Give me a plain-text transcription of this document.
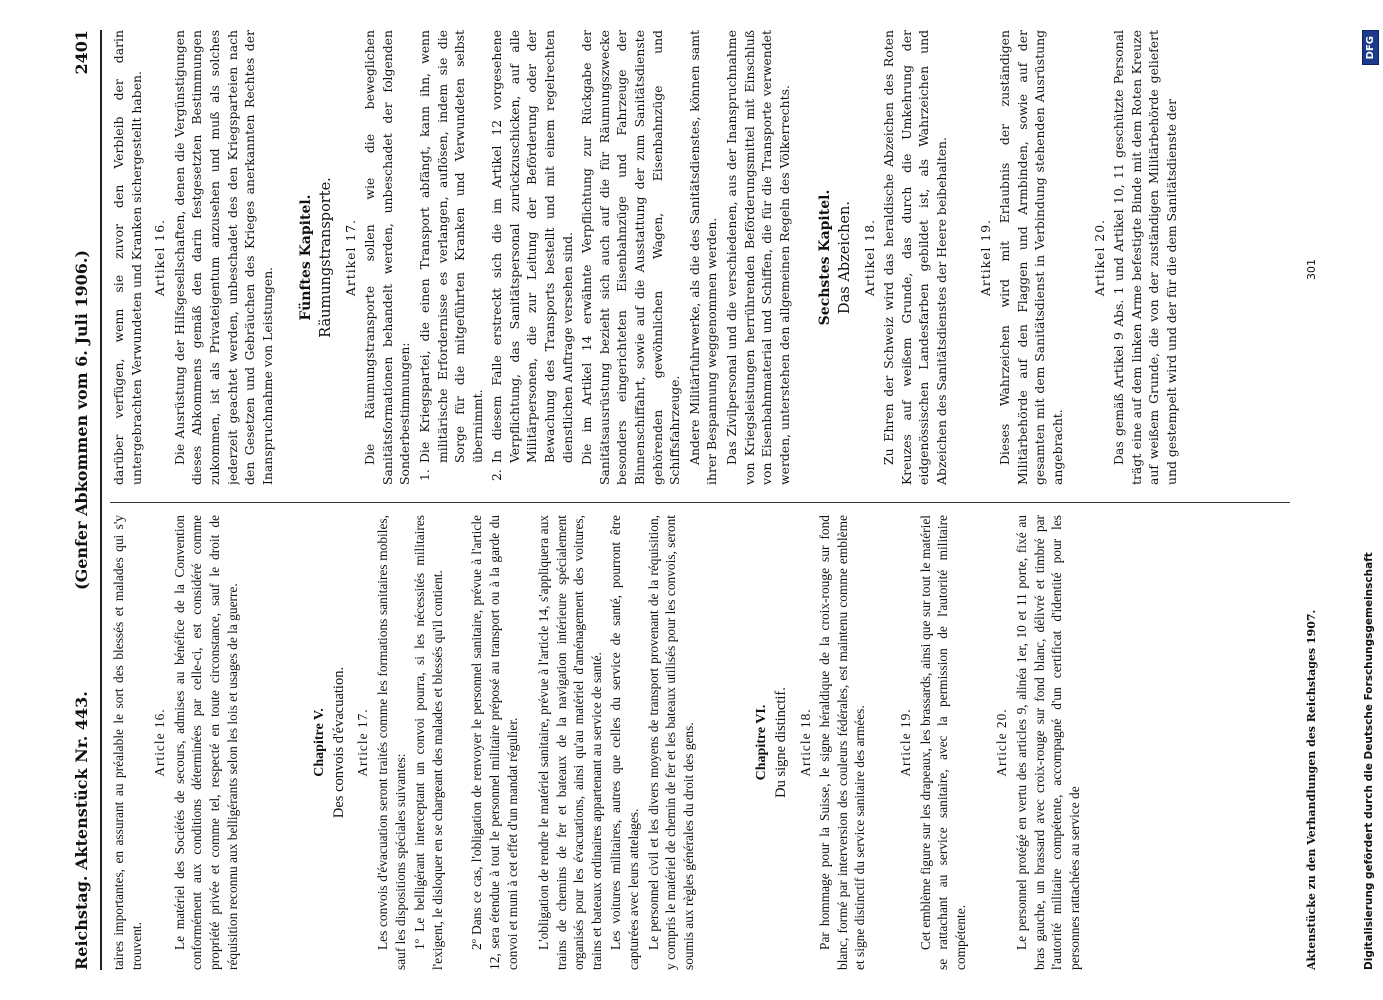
Reichstag. Aktenstück Nr. 443.
(Genfer Abkommen vom 6. Juli 1906.)
2401

taires importantes, en assurant au préalable le sort des blessés et malades qui s'y trouvent.

Article 16. Le matériel des Sociétés de secours, admises au bénéfice de la Convention conformément aux conditions déterminées par celle-ci, est considéré comme propriété privée et comme tel, respecté en toute circonstance, sauf le droit de réquisition reconnu aux belligérants selon les lois et usages de la guerre.	Chapitre V. Des convois d'évacuation. Article 17. Les convois d'évacuation seront traités comme les formations sanitaires mobiles, sauf les dispositions spéciales suivantes: 1º Le belligérant interceptant un convoi pourra, si les nécessités militaires l'exigent, le disloquer en se chargeant des malades et blessés qu'il contient. 2º Dans ce cas, l'obligation de renvoyer le personnel sanitaire, prévue à l'article 12, sera étendue à tout le personnel militaire préposé au transport ou à la garde du convoi et muni à cet effet d'un mandat régulier. L'obligation de rendre le matériel sanitaire, prévue à l'article 14, s'appliquera aux trains de chemins de fer et bateaux de la navigation intérieure spécialement organisés pour les évacuations, ainsi qu'au matériel d'aménagement des voitures, trains et bateaux ordinaires appartenant au service de santé. Les voitures militaires, autres que celles du service de santé, pourront être capturées avec leurs attelages. Le personnel civil et les divers moyens de transport provenant de la réquisition, y compris le matériel de chemin de fer et les bateaux utilisés pour les convois, seront soumis aux règles générales du droit des gens.	Chapitre VI. Du signe distinctif. Article 18. Par hommage pour la Suisse, le signe héraldique de la croix-rouge sur fond blanc, formé par interversion des couleurs fédérales, est maintenu comme emblème et signe distinctif du service sanitaire des armées. Article 19. Cet emblème figure sur les drapeaux, les brassards, ainsi que sur tout le matériel se rattachant au service sanitaire, avec la permission de l'autorité militaire compétente.

Article 20. Le personnel protégé en vertu des articles 9, alinéa 1er, 10 et 11 porte, fixé au bras gauche, un brassard avec croix-rouge sur fond blanc, délivré et timbré par l'autorité militaire compétente, accompagné d'un certificat d'identité pour les personnes rattachées au service de

darüber verfügen, wenn sie zuvor den Verbleib der darin untergebrachten Verwundeten und Kranken sichergestellt haben. Artikel 16. Die Ausrüstung der Hilfsgesellschaften, denen die Vergünstigungen dieses Abkommens gemäß den darin festgesetzten Bestimmungen zukommen, ist als Privateigentum anzusehen und muß als solches jederzeit geachtet werden, unbeschadet des den Kriegsparteien nach den Gesetzen und Gebräuchen des Krieges anerkannten Rechtes der Inanspruchnahme von Leistungen.

Fünftes Kapitel. Räumungstransporte. Artikel 17. Die Räumungstransporte sollen wie die beweglichen Sanitätsformationen behandelt werden, unbeschadet der folgenden Sonderbestimmungen: 1.
Die Kriegspartei, die einen Transport abfängt, kann ihn, wenn militärische Erfordernisse es verlangen, auflösen, indem sie die Sorge für die mitgeführten Kranken und Verwundeten selbst übernimmt.

2.
In diesem Falle erstreckt sich die im Artikel 12 vorgesehene Verpflichtung, das Sanitätspersonal zurückzuschicken, auf alle Militärpersonen, die zur Leitung der Beförderung oder der Bewachung des Transports bestellt und mit einem regelrechten dienstlichen Auftrage versehen sind. Die im Artikel 14 erwähnte Verpflichtung zur Rückgabe der Sanitätsausrüstung bezieht sich auch auf die für Räumungszwecke besonders eingerichteten Eisenbahnzüge und Fahrzeuge der Binnenschiffahrt, sowie auf die Ausstattung der zum Sanitätsdienste gehörenden gewöhnlichen Wagen, Eisenbahnzüge und Schiffsfahrzeuge. Andere Militärfuhrwerke, als die des Sanitätsdienstes, können samt ihrer Bespannung weggenommen werden. Das Zivilpersonal und die verschiedenen, aus der Inanspruchnahme von Kriegsleistungen herrührenden Beförderungsmittel mit Einschluß von Eisenbahnmaterial und Schiffen, die für die Transporte verwendet werden, unterstehen den allgemeinen Regeln des Völkerrechts. Sechstes Kapitel. Das Abzeichen. Artikel 18. Zu Ehren der Schweiz wird das heraldische Abzeichen des Roten Kreuzes auf weißem Grunde, das durch die Umkehrung der eidgenössischen Landesfarben gebildet ist, als Wahrzeichen und Abzeichen des Sanitätsdienstes der Heere beibehalten. Artikel 19. Dieses Wahrzeichen wird mit Erlaubnis der zuständigen Militärbehörde auf den Flaggen und Armbinden, sowie auf der gesamten mit dem Sanitätsdienst in Verbindung stehenden Ausrüstung angebracht.

Artikel 20. Das gemäß Artikel 9 Abs. 1 und Artikel 10, 11 geschützte Personal trägt eine auf dem linken Arme befestigte Binde mit dem Roten Kreuze auf weißem Grunde, die von der zuständigen Militärbehörde geliefert und gestempelt wird und der für die dem Sanitätsdienste der

Aktenstücke zu den Verhandlungen des Reichstages 1907.
301
Digitalisierung gefördert durch die Deutsche Forschungsgemeinschaft
DFG
